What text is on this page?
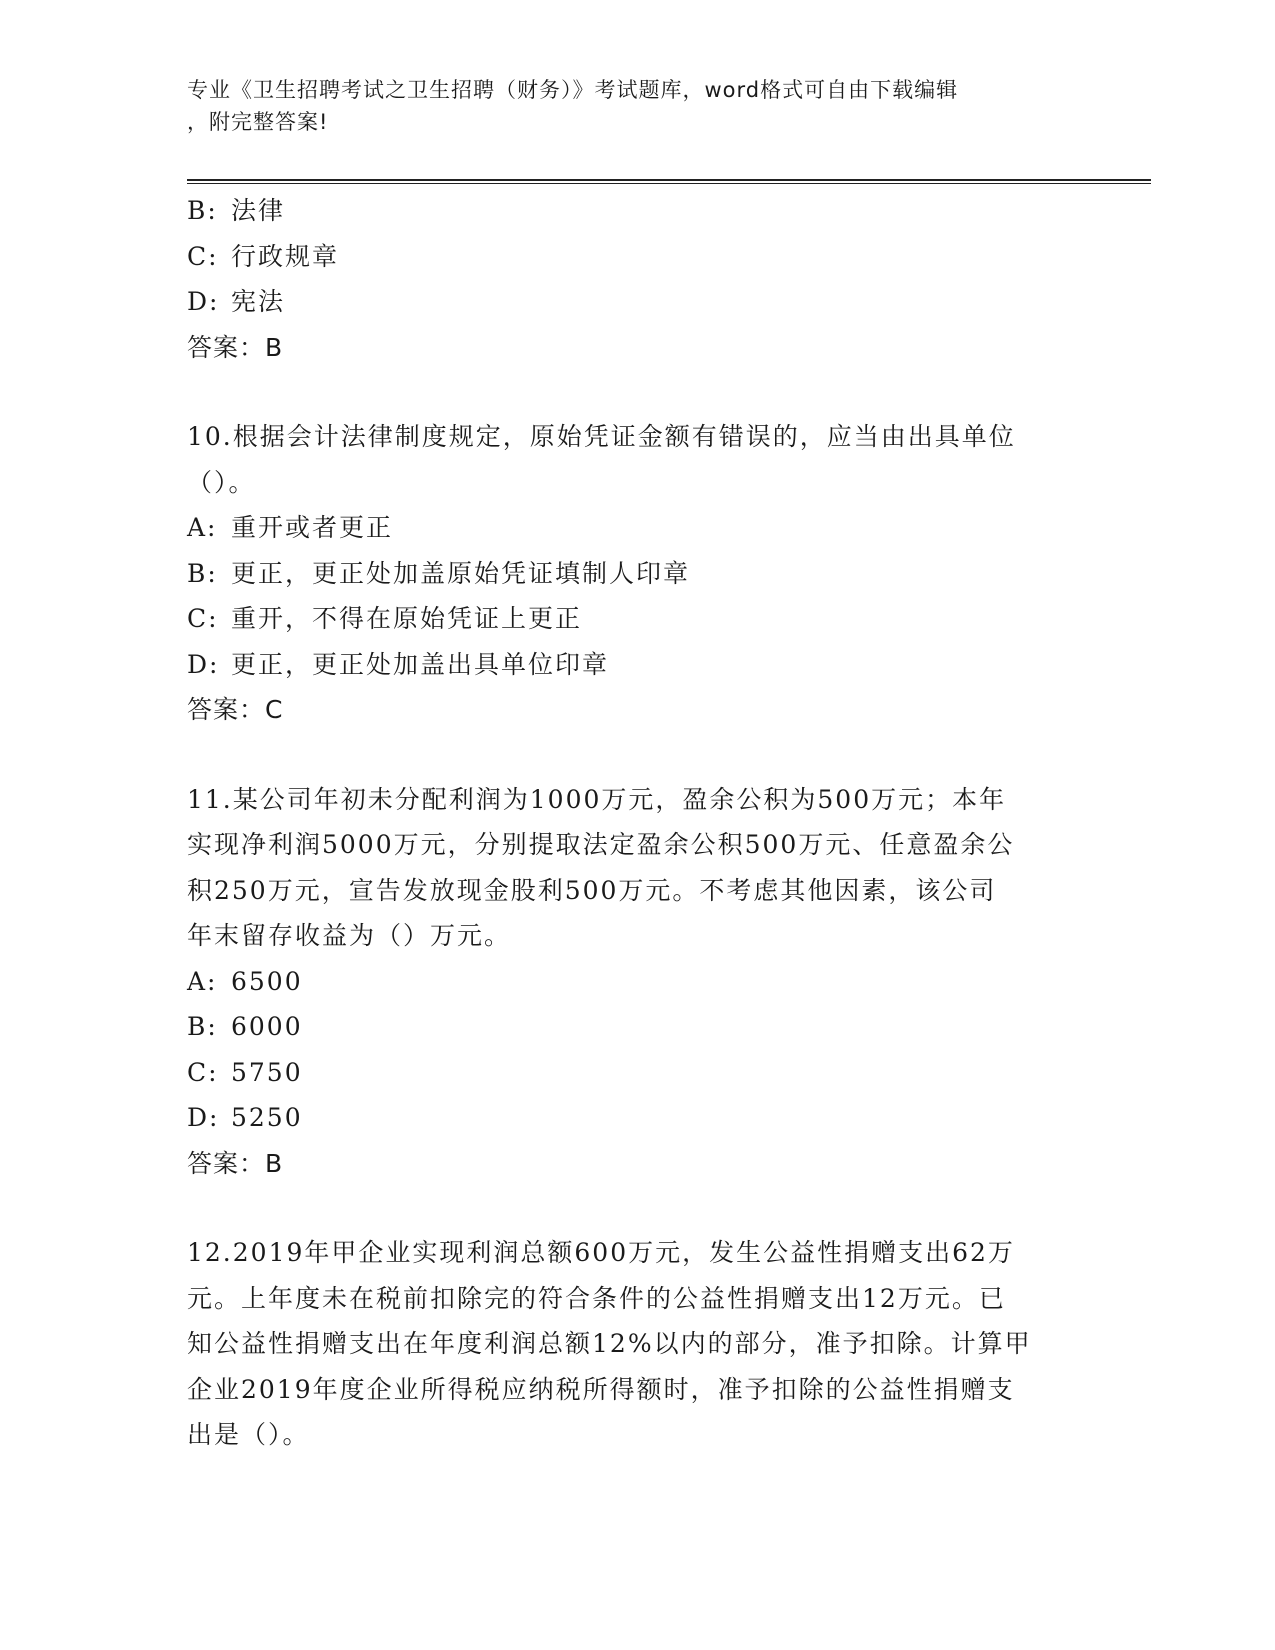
专业《卫生招聘考试之卫生招聘（财务）》考试题库，word格式可自由下载编辑
，附完整答案!
B: 法律
C: 行政规章
D: 宪法
答案：B
10.根据会计法律制度规定，原始凭证金额有错误的，应当由出具单位
（）。
A: 重开或者更正
B: 更正，更正处加盖原始凭证填制人印章
C: 重开，不得在原始凭证上更正
D: 更正，更正处加盖出具单位印章
答案：C
11.某公司年初未分配利润为1000万元，盈余公积为500万元；本年
实现净利润5000万元，分别提取法定盈余公积500万元、任意盈余公
积250万元，宣告发放现金股利500万元。不考虑其他因素，该公司
年末留存收益为（）万元。
A: 6500
B: 6000
C: 5750
D: 5250
答案：B
12.2019年甲企业实现利润总额600万元，发生公益性捐赠支出62万
元。上年度未在税前扣除完的符合条件的公益性捐赠支出12万元。已
知公益性捐赠支出在年度利润总额12%以内的部分，准予扣除。计算甲
企业2019年度企业所得税应纳税所得额时，准予扣除的公益性捐赠支
出是（）。
